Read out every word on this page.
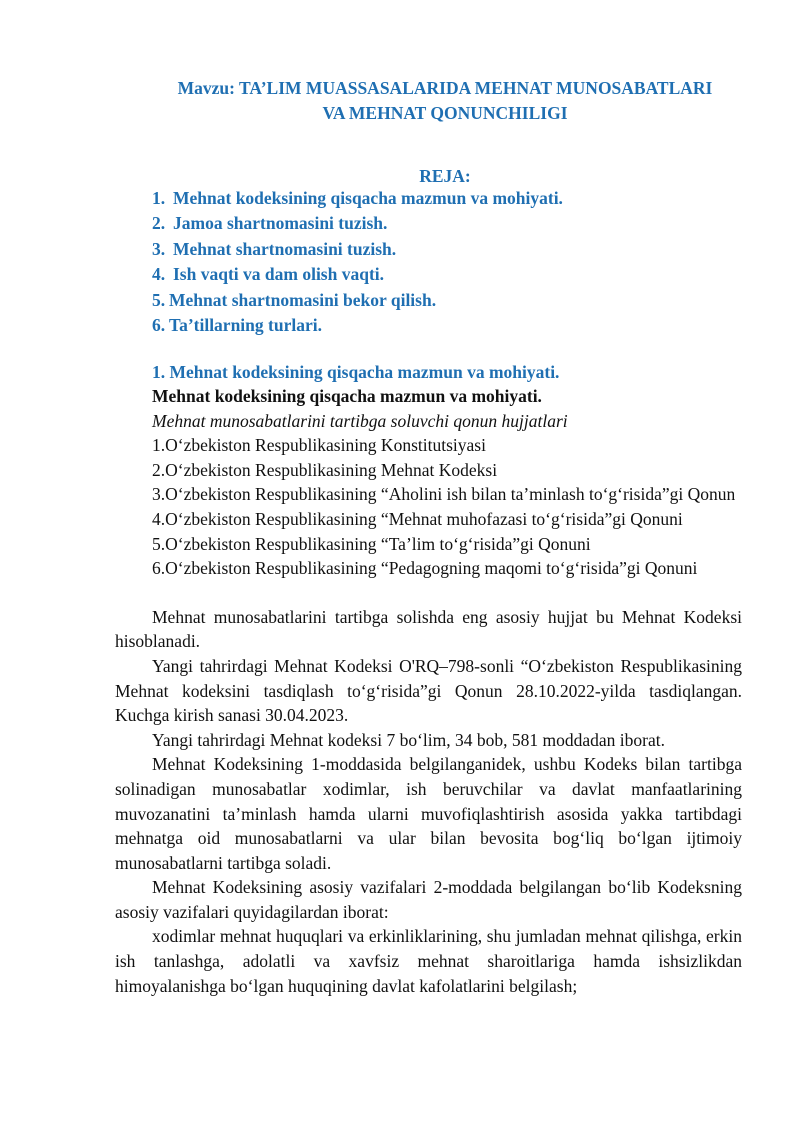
Mavzu: TA’LIM MUASSASALARIDA MEHNAT MUNOSABATLARI
VA MEHNAT QONUNCHILIGI
REJA:
1. Mehnat kodeksining qisqacha mazmun va mohiyati.
2. Jamoa shartnomasini tuzish.
3. Mehnat shartnomasini tuzish.
4. Ish vaqti va dam olish vaqti.
5. Mehnat shartnomasini bekor qilish.
6. Ta’tillarning turlari.
1. Mehnat kodeksining qisqacha mazmun va mohiyati.

Mehnat kodeksining qisqacha mazmun va mohiyati.

Mehnat munosabatlarini tartibga soluvchi qonun hujjatlari

1.O‘zbekiston Respublikasining Konstitutsiyasi

2.O‘zbekiston Respublikasining Mehnat Kodeksi

3.O‘zbekiston Respublikasining “Aholini ish bilan ta’minlash to‘g‘risida”gi Qonun

4.O‘zbekiston Respublikasining “Mehnat muhofazasi to‘g‘risida”gi Qonuni

5.O‘zbekiston Respublikasining “Ta’lim to‘g‘risida”gi Qonuni

6.O‘zbekiston Respublikasining “Pedagogning maqomi to‘g‘risida”gi Qonuni

Mehnat munosabatlarini tartibga solishda eng asosiy hujjat bu Mehnat Kodeksi hisoblanadi.

Yangi tahrirdagi Mehnat Kodeksi O'RQ–798-sonli “O‘zbekiston Respublikasining Mehnat kodeksini tasdiqlash to‘g‘risida”gi Qonun 28.10.2022-yilda tasdiqlangan. Kuchga kirish sanasi 30.04.2023.

Yangi tahrirdagi Mehnat kodeksi 7 bo‘lim, 34 bob, 581 moddadan iborat.

Mehnat Kodeksining 1-moddasida belgilanganidek, ushbu Kodeks bilan tartibga solinadigan munosabatlar xodimlar, ish beruvchilar va davlat manfaatlarining muvozanatini ta’minlash hamda ularni muvofiqlashtirish asosida yakka tartibdagi mehnatga oid munosabatlarni va ular bilan bevosita bog‘liq bo‘lgan ijtimoiy munosabatlarni tartibga soladi.

Mehnat Kodeksining asosiy vazifalari 2-moddada belgilangan bo‘lib Kodeksning asosiy vazifalari quyidagilardan iborat:

xodimlar mehnat huquqlari va erkinliklarining, shu jumladan mehnat qilishga, erkin ish tanlashga, adolatli va xavfsiz mehnat sharoitlariga hamda ishsizlikdan himoyalanishga bo‘lgan huquqining davlat kafolatlarini belgilash;
